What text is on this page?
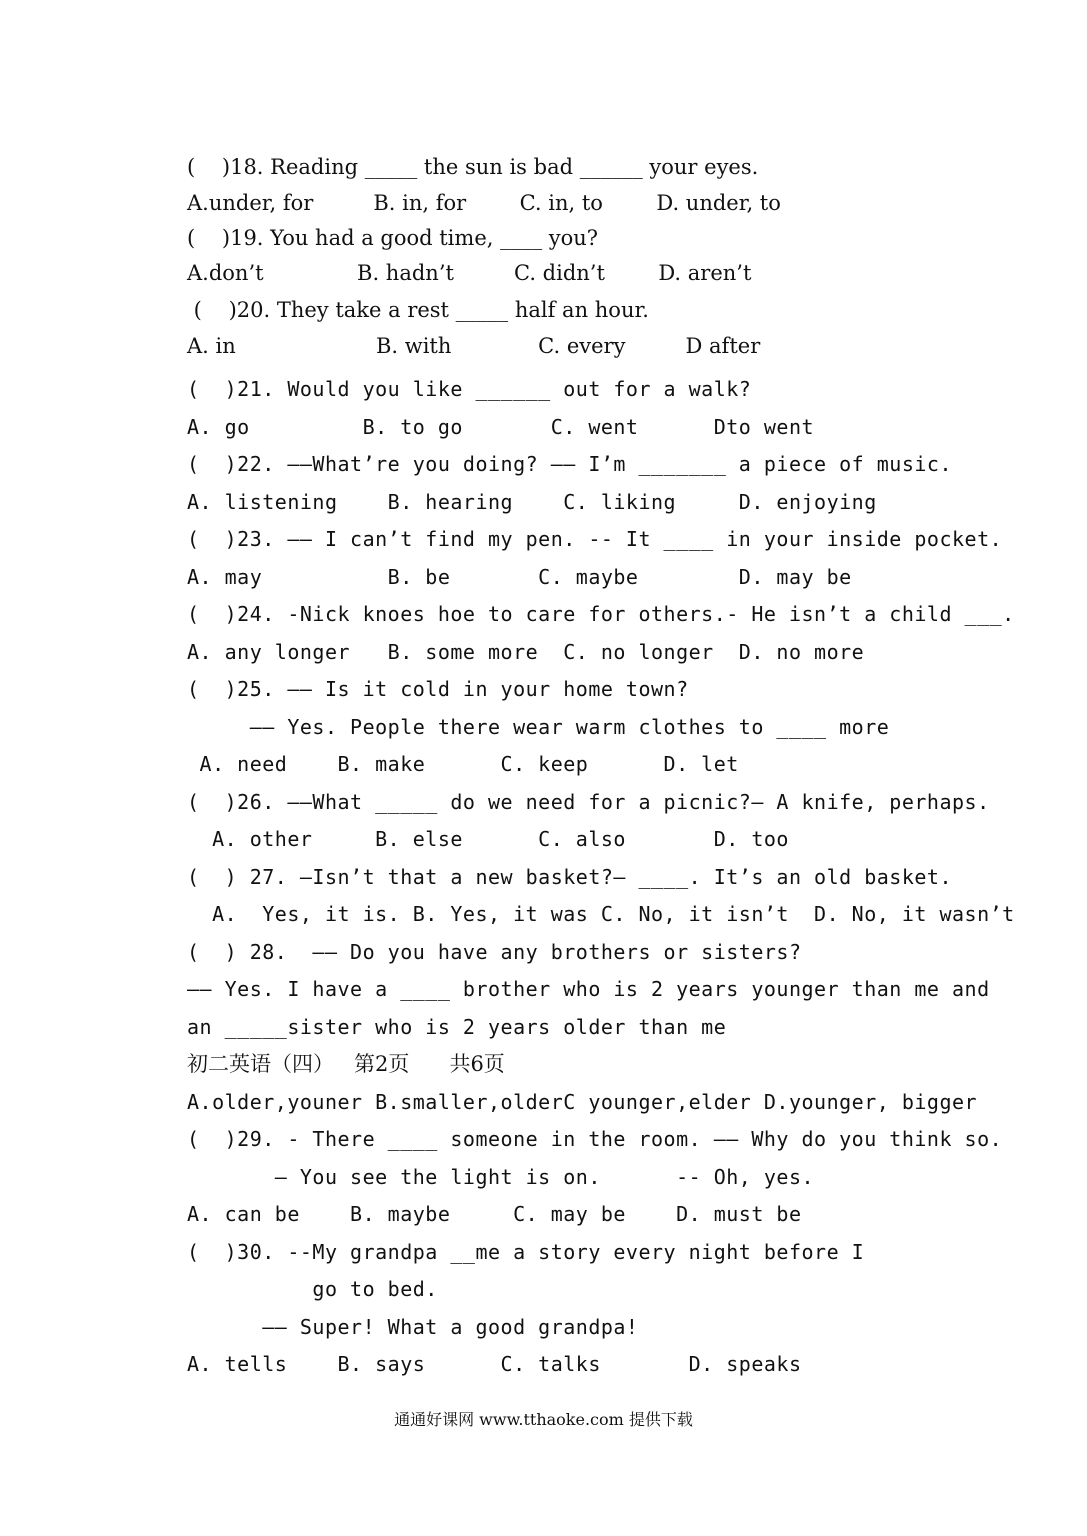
(    )18. Reading _____ the sun is bad ______ your eyes.
A.under, for         B. in, for        C. in, to        D. under, to
(    )19. You had a good time, ____ you?
A.don’t              B. hadn’t         C. didn’t        D. aren’t
(    )20. They take a rest _____ half an hour.
A. in                     B. with             C. every         D after
(  )21. Would you like ______ out for a walk?
A. go         B. to go       C. went      Dto went
(  )22. ——What’re you doing? —— I’m _______ a piece of music.
A. listening    B. hearing    C. liking     D. enjoying
(  )23. —— I can’t find my pen. -- It ____ in your inside pocket.
A. may          B. be       C. maybe        D. may be
(  )24. -Nick knoes hoe to care for others.- He isn’t a child ___.
A. any longer   B. some more  C. no longer  D. no more
(  )25. —— Is it cold in your home town?
—— Yes. People there wear warm clothes to ____ more
A. need    B. make      C. keep      D. let
(  )26. ——What _____ do we need for a picnic?— A knife, perhaps.
A. other     B. else      C. also       D. too
(  ) 27. —Isn’t that a new basket?— ____. It’s an old basket.
A.  Yes, it is. B. Yes, it was C. No, it isn’t  D. No, it wasn’t
(  ) 28.  —— Do you have any brothers or sisters?
—— Yes. I have a ____ brother who is 2 years younger than me and
an _____sister who is 2 years older than me
初二英语（四）   第2页      共6页
A.older,youner B.smaller,olderC younger,elder D.younger, bigger
(  )29. - There ____ someone in the room. —— Why do you think so.
— You see the light is on.      -- Oh, yes.
A. can be    B. maybe     C. may be    D. must be
(  )30. --My grandpa __me a story every night before I
go to bed.
—— Super! What a good grandpa!
A. tells    B. says      C. talks       D. speaks
通通好课网 www.tthaoke.com 提供下载
